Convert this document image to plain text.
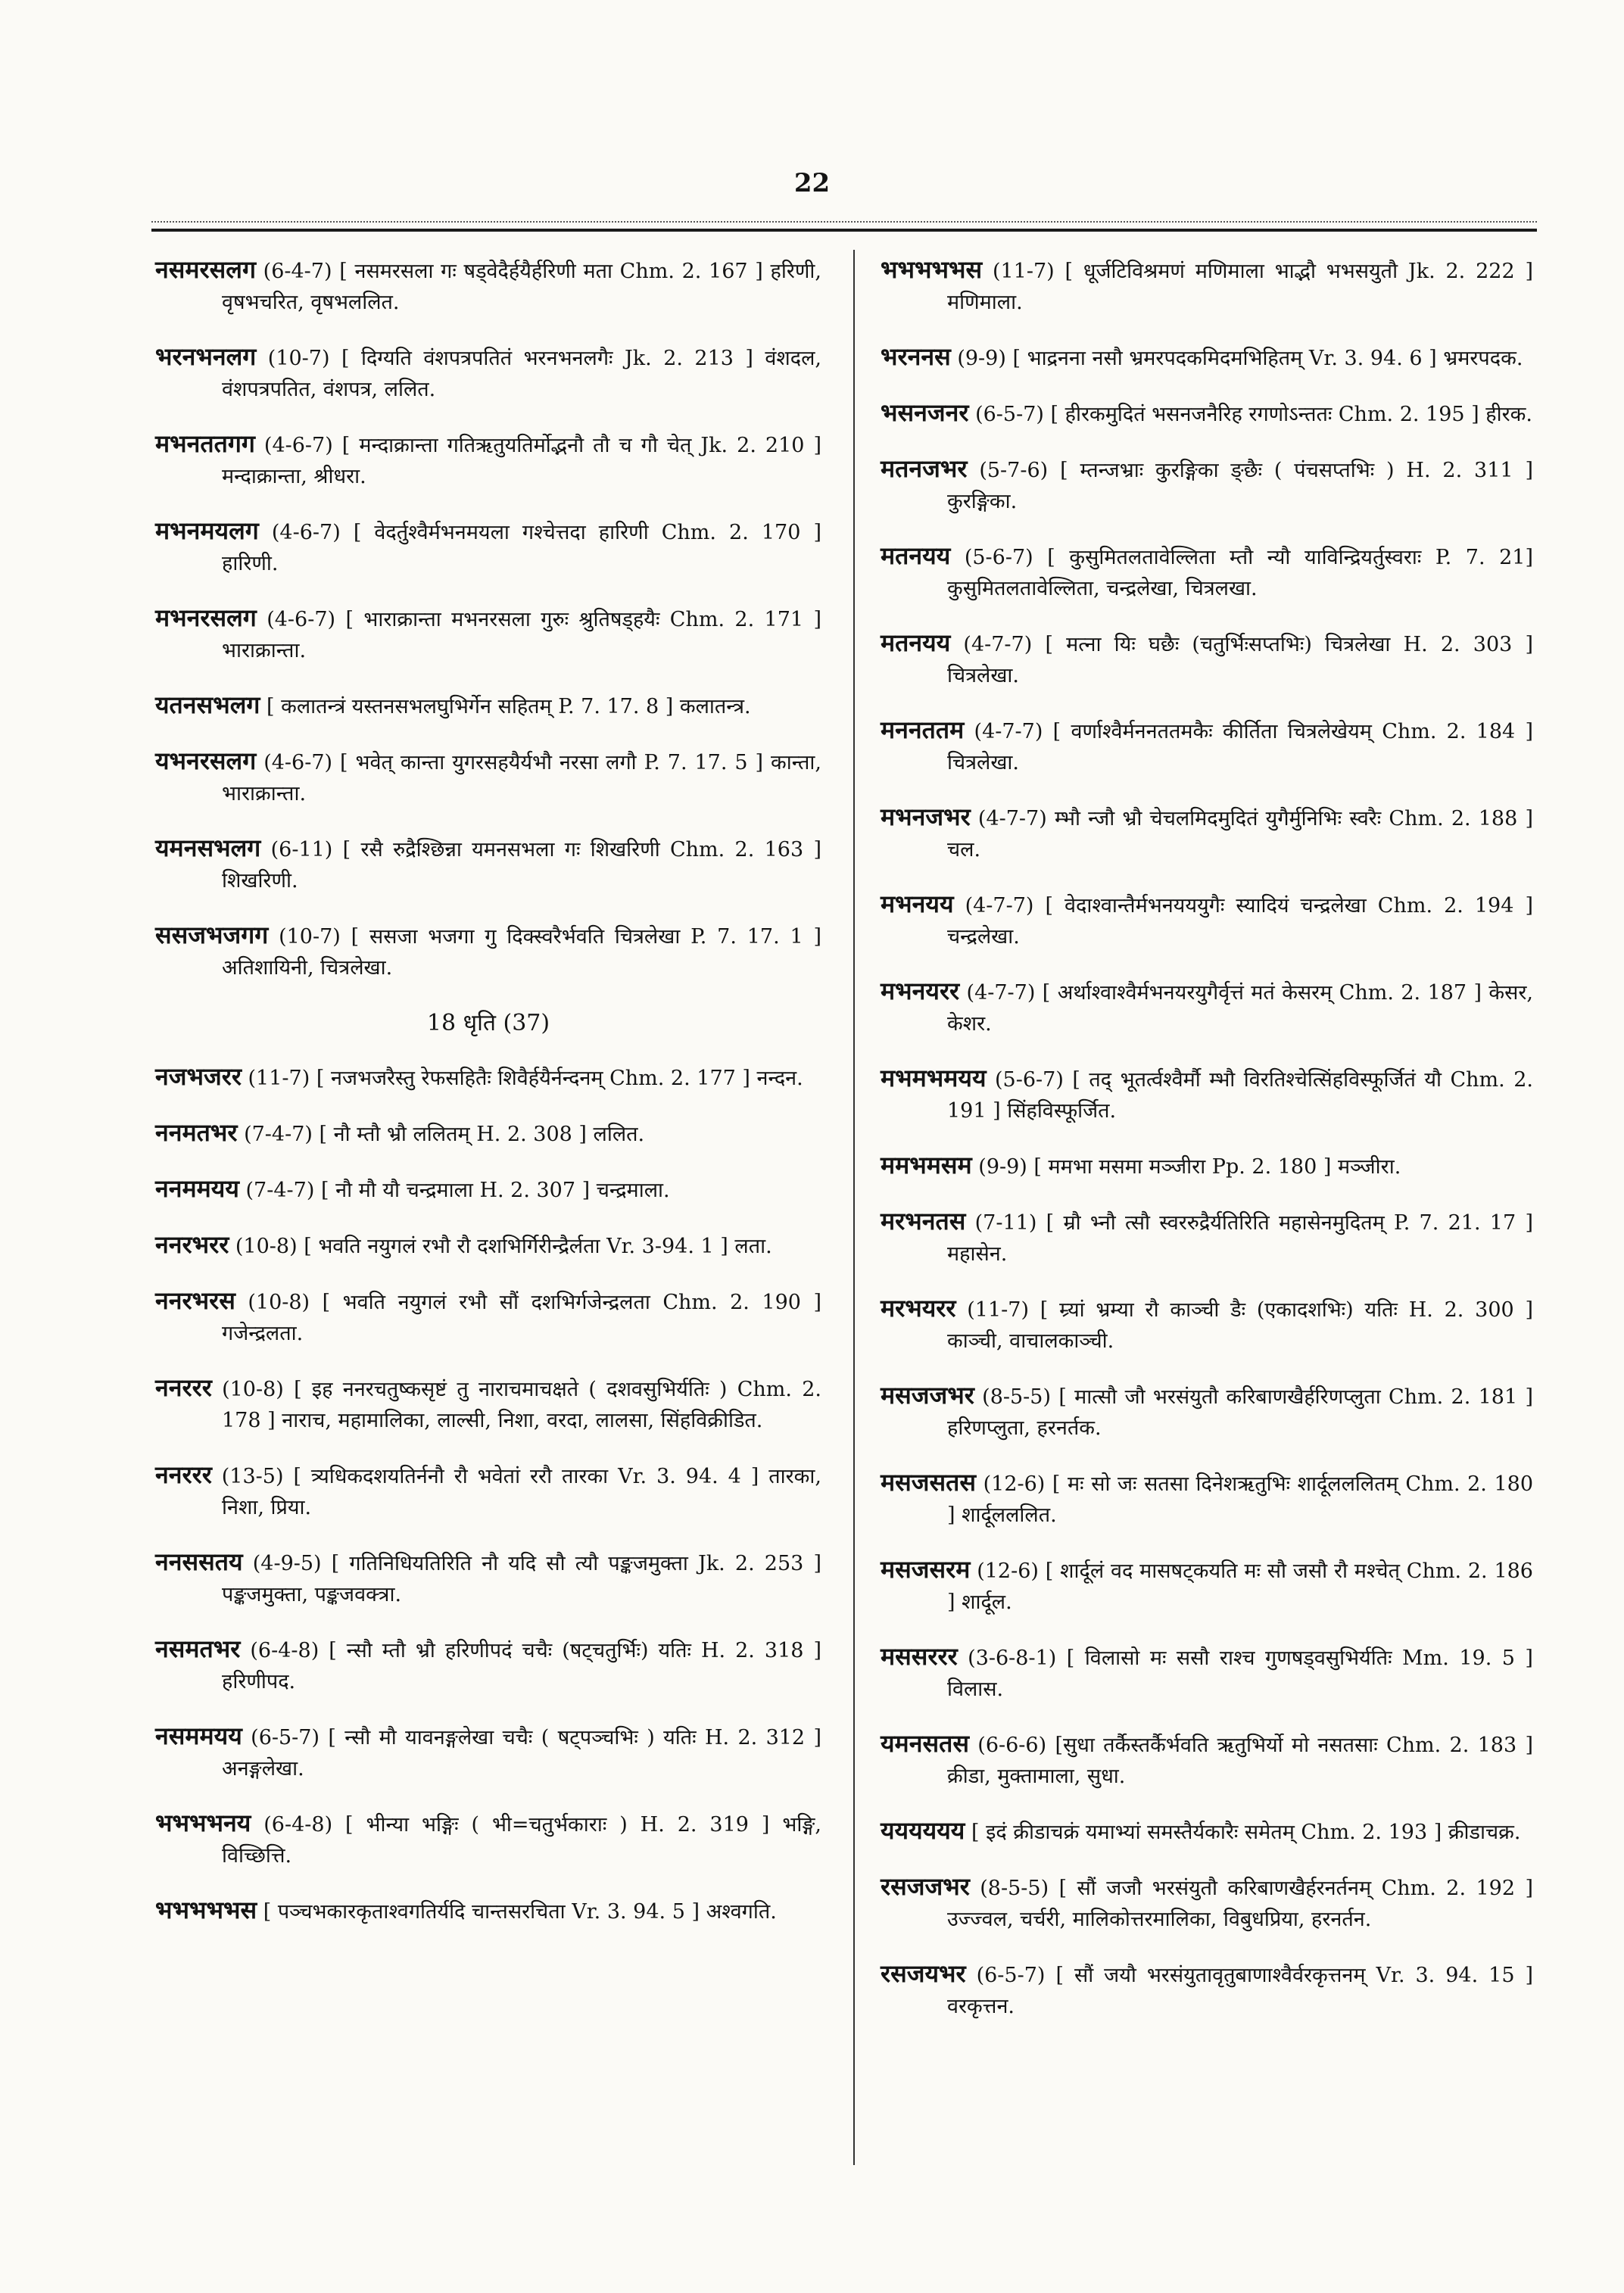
22
नसमरसलग (6-4-7) [ नसमरसला गः षड्वेदैर्हयैर्हरिणी मता Chm. 2. 167 ] हरिणी, वृषभचरित, वृषभललित.
भरनभनलग (10-7) [ दिग्यति वंशपत्रपतितं भरनभनलगैः Jk. 2. 213 ] वंशदल, वंशपत्रपतित, वंशपत्र, ललित.
मभनततगग (4-6-7) [ मन्दाक्रान्ता गतिऋतुयतिर्मोद्भनौ तौ च गौ चेत् Jk. 2. 210 ] मन्दाक्रान्ता, श्रीधरा.
मभनमयलग (4-6-7) [ वेदर्तुश्वैर्मभनमयला गश्चेत्तदा हारिणी Chm. 2. 170 ] हारिणी.
मभनरसलग (4-6-7) [ भाराक्रान्ता मभनरसला गुरुः श्रुतिषड्हयैः Chm. 2. 171 ] भाराक्रान्ता.
यतनसभलग [ कलातन्त्रं यस्तनसभलघुभिर्गेन सहितम् P. 7. 17. 8 ] कलातन्त्र.
यभनरसलग (4-6-7) [ भवेत् कान्ता युगरसहयैर्यभौ नरसा लगौ P. 7. 17. 5 ] कान्ता, भाराक्रान्ता.
यमनसभलग (6-11) [ रसै रुद्रैश्छिन्ना यमनसभला गः शिखरिणी Chm. 2. 163 ] शिखरिणी.
ससजभजगग (10-7) [ ससजा भजगा गु दिक्स्वरैर्भवति चित्रलेखा P. 7. 17. 1 ] अतिशायिनी, चित्रलेखा.
18 धृति (37)
नजभजरर (11-7) [ नजभजरैस्तु रेफसहितैः शिवैर्हयैर्नन्दनम् Chm. 2. 177 ] नन्दन.
ननमतभर (7-4-7) [ नौ म्तौ भ्रौ ललितम् H. 2. 308 ] ललित.
ननममयय (7-4-7) [ नौ मौ यौ चन्द्रमाला H. 2. 307 ] चन्द्रमाला.
ननरभरर (10-8) [ भवति नयुगलं रभौ रौ दशभिर्गिरीन्द्रैर्लता Vr. 3-94. 1 ] लता.
ननरभरस (10-8) [ भवति नयुगलं रभौ सौं दशभिर्गजेन्द्रलता Chm. 2. 190 ] गजेन्द्रलता.
ननररर (10-8) [ इह ननरचतुष्कसृष्टं तु नाराचमाचक्षते ( दशवसुभिर्यतिः ) Chm. 2. 178 ] नाराच, महामालिका, लाल्सी, निशा, वरदा, लालसा, सिंहविक्रीडित.
ननररर (13-5) [ त्र्यधिकदशयतिर्ननौ रौ भवेतां ररौ तारका Vr. 3. 94. 4 ] तारका, निशा, प्रिया.
ननससतय (4-9-5) [ गतिनिधियतिरिति नौ यदि सौ त्यौ पङ्कजमुक्ता Jk. 2. 253 ] पङ्कजमुक्ता, पङ्कजवक्त्रा.
नसमतभर (6-4-8) [ न्सौ म्तौ भ्रौ हरिणीपदं चचैः (षट्चतुर्भिः) यतिः H. 2. 318 ] हरिणीपद.
नसममयय (6-5-7) [ न्सौ मौ यावनङ्गलेखा चचैः ( षट्पञ्चभिः ) यतिः H. 2. 312 ] अनङ्गलेखा.
भभभभनय (6-4-8) [ भीन्या भङ्गिः ( भी=चतुर्भकाराः ) H. 2. 319 ] भङ्गि, विच्छित्ति.
भभभभभस [ पञ्चभकारकृताश्वगतिर्यदि चान्तसरचिता Vr. 3. 94. 5 ] अश्वगति.
भभभभभस (11-7) [ धूर्जटिविश्रमणं मणिमाला भाद्भौ भभसयुतौ Jk. 2. 222 ] मणिमाला.
भरननस (9-9) [ भाद्रनना नसौ भ्रमरपदकमिदमभिहितम् Vr. 3. 94. 6 ] भ्रमरपदक.
भसनजनर (6-5-7) [ हीरकमुदितं भसनजनैरिह रगणोऽन्ततः Chm. 2. 195 ] हीरक.
मतनजभर (5-7-6) [ म्तन्जभ्राः कुरङ्गिका ङ्छैः ( पंचसप्तभिः ) H. 2. 311 ] कुरङ्गिका.
मतनयय (5-6-7) [ कुसुमितलतावेल्लिता म्तौ न्यौ याविन्द्रियर्तुस्वराः P. 7. 21] कुसुमितलतावेल्लिता, चन्द्रलेखा, चित्रलखा.
मतनयय (4-7-7) [ मत्ना यिः घछैः (चतुर्भिःसप्तभिः) चित्रलेखा H. 2. 303 ] चित्रलेखा.
मननततम (4-7-7) [ वर्णाश्वैर्मननततमकैः कीर्तिता चित्रलेखेयम् Chm. 2. 184 ] चित्रलेखा.
मभनजभर (4-7-7) म्भौ न्जौ भ्रौ चेचलमिदमुदितं युगैर्मुनिभिः स्वरैः Chm. 2. 188 ] चल.
मभनयय (4-7-7) [ वेदाश्वान्तैर्मभनयययुगैः स्यादियं चन्द्रलेखा Chm. 2. 194 ] चन्द्रलेखा.
मभनयरर (4-7-7) [ अर्थाश्वाश्वैर्मभनयरयुगैर्वृत्तं मतं केसरम् Chm. 2. 187 ] केसर, केशर.
मभमभमयय (5-6-7) [ तद् भूतर्त्वश्वैर्मौ म्भौ विरतिश्चेत्सिंहविस्फूर्जितं यौ Chm. 2. 191 ] सिंहविस्फूर्जित.
ममभमसम (9-9) [ ममभा मसमा मञ्जीरा Pp. 2. 180 ] मञ्जीरा.
मरभनतस (7-11) [ म्रौ भ्नौ त्सौ स्वररुद्रैर्यतिरिति महासेनमुदितम् P. 7. 21. 17 ] महासेन.
मरभयरर (11-7) [ म्र्यां भ्रम्या रौ काञ्ची डैः (एकादशभिः) यतिः H. 2. 300 ] काञ्ची, वाचालकाञ्ची.
मसजजभर (8-5-5) [ मात्सौ जौ भरसंयुतौ करिबाणखैर्हरिणप्लुता Chm. 2. 181 ] हरिणप्लुता, हरनर्तक.
मसजसतस (12-6) [ मः सो जः सतसा दिनेशऋतुभिः शार्दूलललितम् Chm. 2. 180 ] शार्दूलललित.
मसजसरम (12-6) [ शार्दूलं वद मासषट्कयति मः सौ जसौ रौ मश्चेत् Chm. 2. 186 ] शार्दूल.
मससररर (3-6-8-1) [ विलासो मः ससौ राश्च गुणषड्वसुभिर्यतिः Mm. 19. 5 ] विलास.
यमनसतस (6-6-6) [सुधा तर्कैस्तर्कैर्भवति ऋतुभिर्यो मो नसतसाः Chm. 2. 183 ] क्रीडा, मुक्तामाला, सुधा.
यययययय [ इदं क्रीडाचक्रं यमाभ्यां समस्तैर्यकारैः समेतम् Chm. 2. 193 ] क्रीडाचक्र.
रसजजभर (8-5-5) [ सौं जजौ भरसंयुतौ करिबाणखैर्हरनर्तनम् Chm. 2. 192 ] उज्ज्वल, चर्चरी, मालिकोत्तरमालिका, विबुधप्रिया, हरनर्तन.
रसजयभर (6-5-7) [ सौं जयौ भरसंयुतावृतुबाणाश्वैर्वरकृत्तनम् Vr. 3. 94. 15 ] वरकृत्तन.
